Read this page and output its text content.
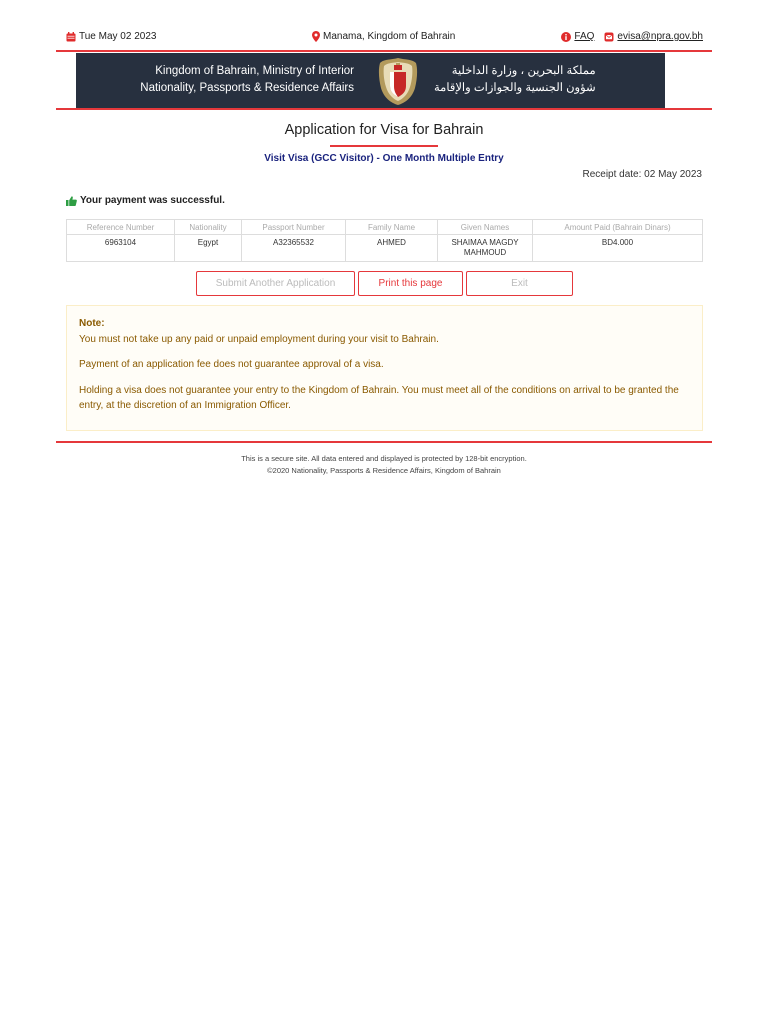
Tue May 02 2023	Manama, Kingdom of Bahrain	FAQ evisa@npra.gov.bh
Kingdom of Bahrain, Ministry of Interior
Nationality, Passports & Residence Affairs
مملكة البحرين ، وزارة الداخلية
شؤون الجنسية والجوازات والإقامة
Application for Visa for Bahrain
Visit Visa (GCC Visitor) - One Month Multiple Entry
Receipt date: 02 May 2023
Your payment was successful.
Reference Number	Nationality	Passport Number	Family Name	Given Names	Amount Paid (Bahrain Dinars)
6963104	Egypt	A32365532	AHMED	SHAIMAA MAGDY MAHMOUD	BD4.000
Submit Another Application	Print this page	Exit
Note:

You must not take up any paid or unpaid employment during your visit to Bahrain.

Payment of an application fee does not guarantee approval of a visa.

Holding a visa does not guarantee your entry to the Kingdom of Bahrain. You must meet all of the conditions on arrival to be granted the entry, at the discretion of an Immigration Officer.

This is a secure site. All data entered and displayed is protected by 128-bit encryption.
©2020 Nationality, Passports & Residence Affairs, Kingdom of Bahrain
